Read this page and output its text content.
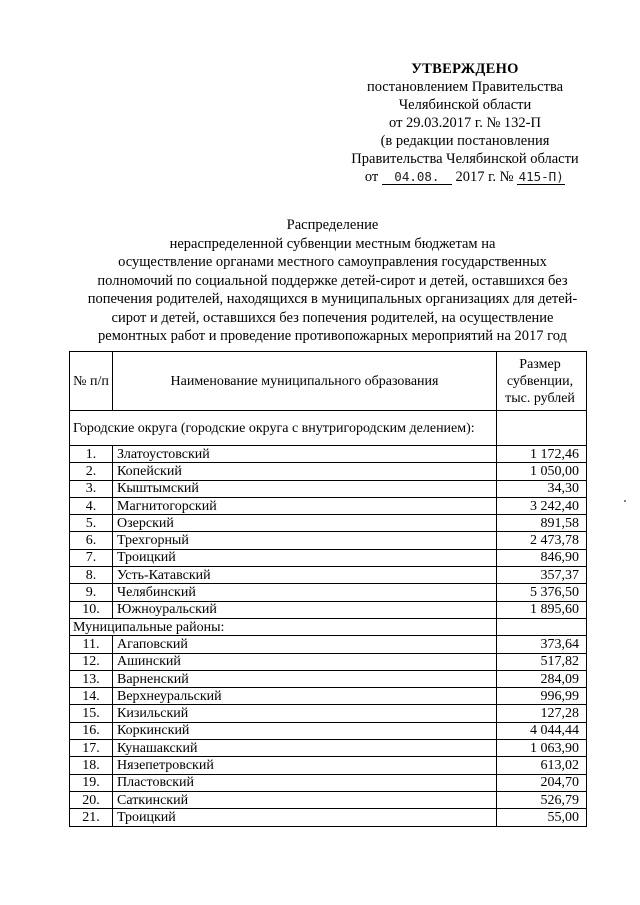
УТВЕРЖДЕНО
постановлением Правительства
Челябинской области
от 29.03.2017 г. № 132-П
(в редакции постановления
Правительства Челябинской области
от 04.08. 2017 г. № 415-П)
Распределение
нераспределенной субвенции местным бюджетам на
осуществление органами местного самоуправления государственных
полномочий по социальной поддержке детей-сирот и детей, оставшихся без
попечения родителей, находящихся в муниципальных организациях для детей-
сирот и детей, оставшихся без попечения родителей, на осуществление
ремонтных работ и проведение противопожарных мероприятий на 2017 год
№ п/п	Наименование муниципального образования	Размер субвенции, тыс. рублей
Городские округа (городские округа с внутригородским делением):		
1.	Златоустовский	1 172,46
2.	Копейский	1 050,00
3.	Кыштымский	34,30
4.	Магнитогорский	3 242,40
5.	Озерский	891,58
6.	Трехгорный	2 473,78
7.	Троицкий	846,90
8.	Усть-Катавский	357,37
9.	Челябинский	5 376,50
10.	Южноуральский	1 895,60
Муниципальные районы:		
11.	Агаповский	373,64
12.	Ашинский	517,82
13.	Варненский	284,09
14.	Верхнеуральский	996,99
15.	Кизильский	127,28
16.	Коркинский	4 044,44
17.	Кунашакский	1 063,90
18.	Нязепетровский	613,02
19.	Пластовский	204,70
20.	Саткинский	526,79
21.	Троицкий	55,00
